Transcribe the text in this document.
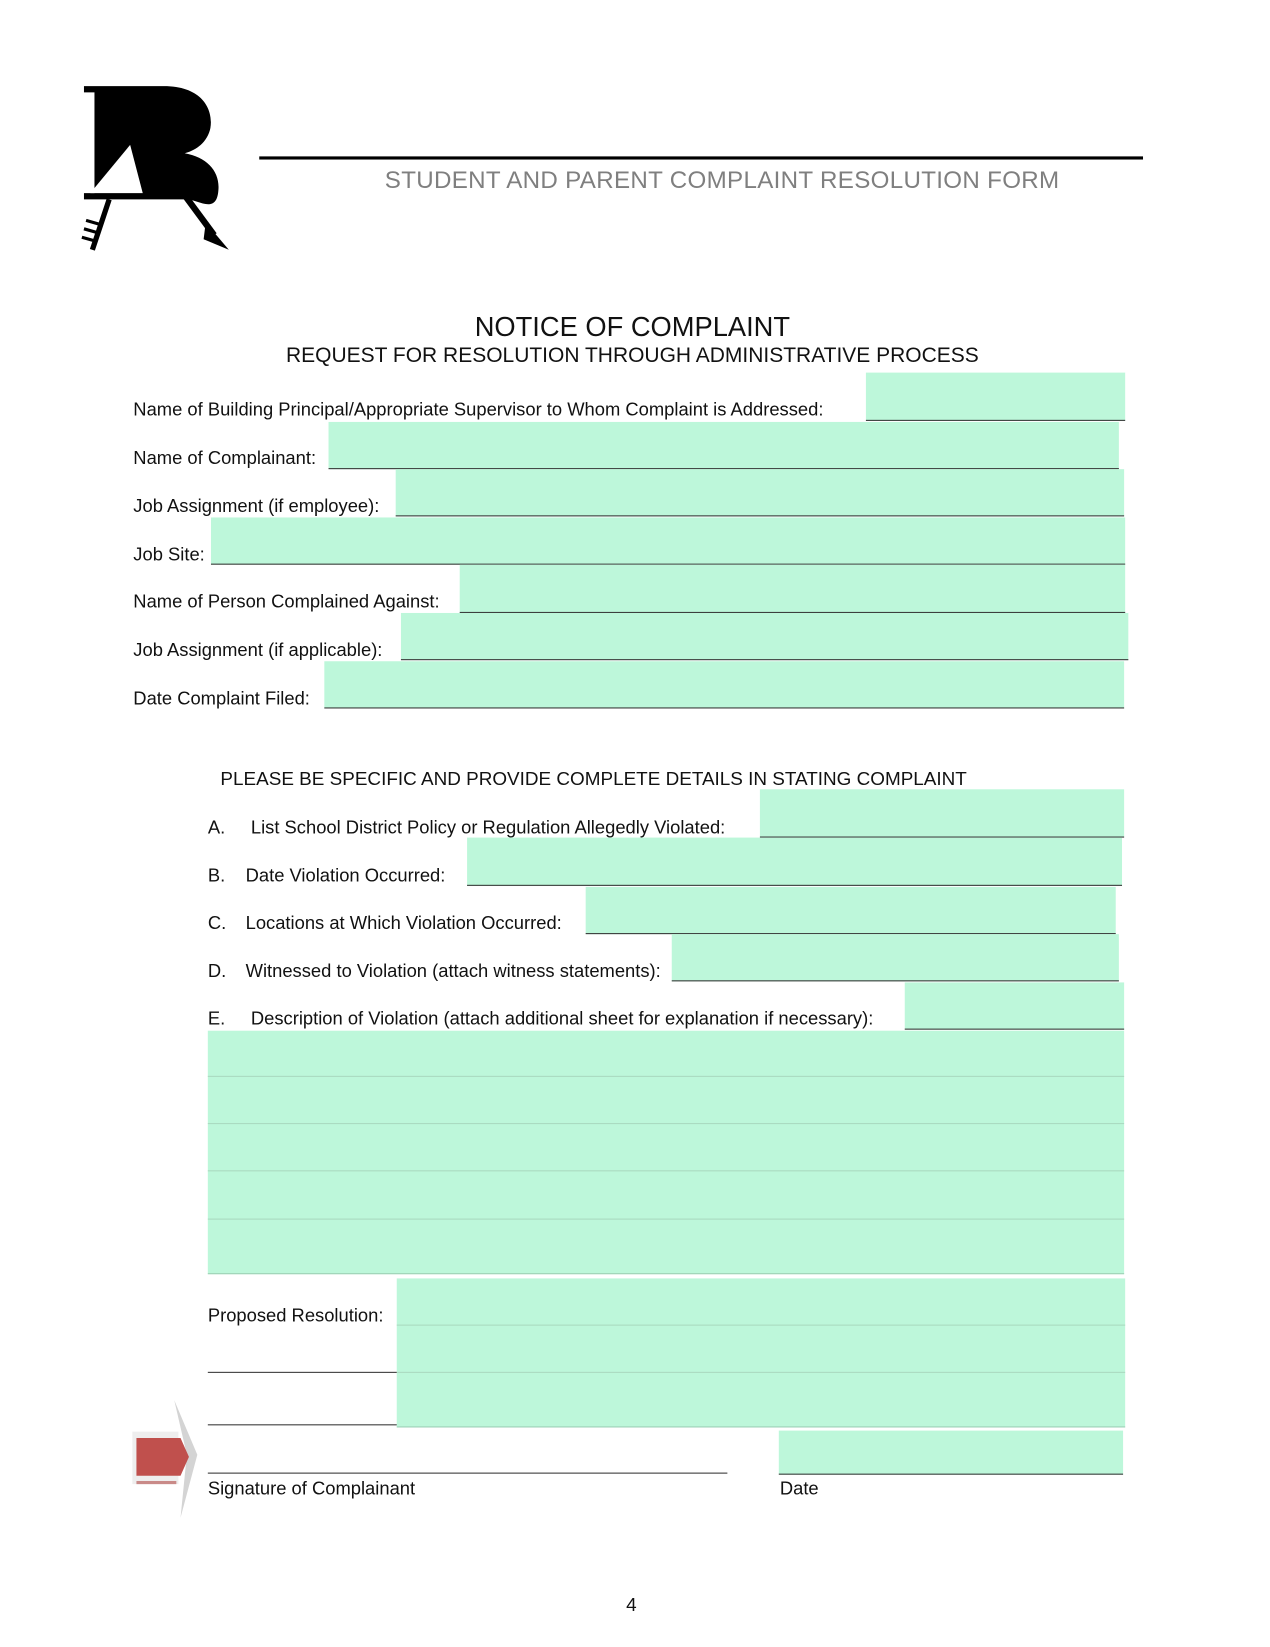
STUDENT AND PARENT COMPLAINT RESOLUTION FORM
NOTICE OF COMPLAINT
REQUEST FOR RESOLUTION THROUGH ADMINISTRATIVE PROCESS
Name of Building Principal/Appropriate Supervisor to Whom Complaint is Addressed:
Name of Complainant:
Job Assignment (if employee):
Job Site:
Name of Person Complained Against:
Job Assignment (if applicable):
Date Complaint Filed:
PLEASE BE SPECIFIC AND PROVIDE COMPLETE DETAILS IN STATING COMPLAINT
A. List School District Policy or Regulation Allegedly Violated:
B. Date Violation Occurred:
C. Locations at Which Violation Occurred:
D. Witnessed to Violation (attach witness statements):
E. Description of Violation (attach additional sheet for explanation if necessary):
Proposed Resolution:
Signature of Complainant	Date
4
